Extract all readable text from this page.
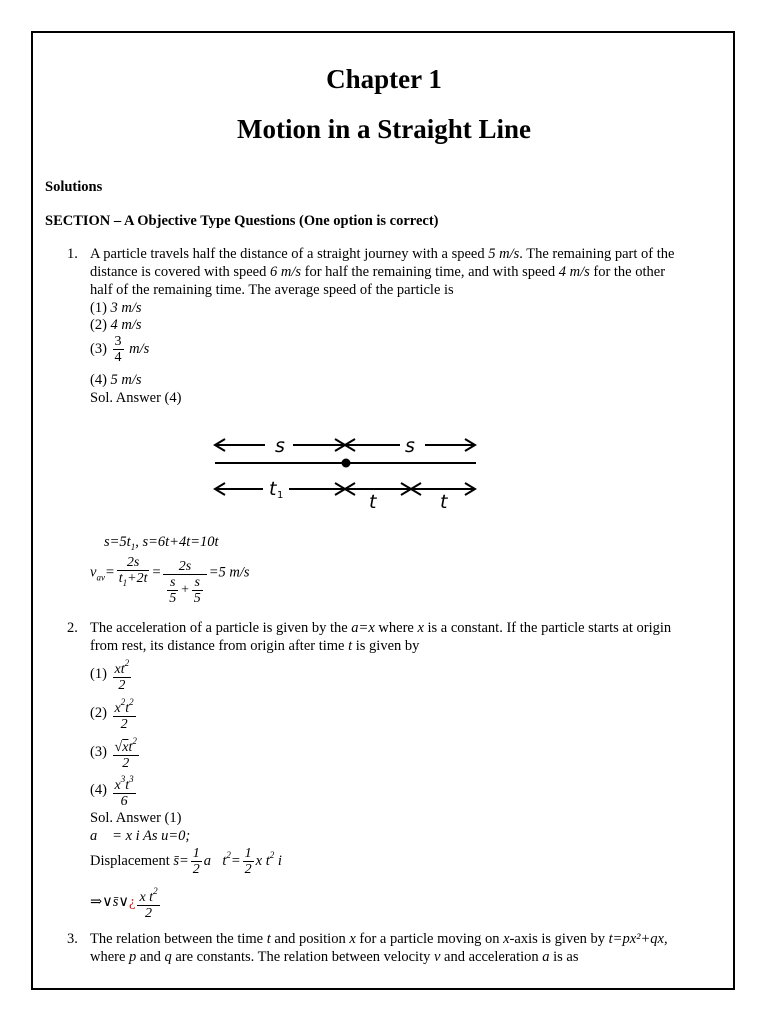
Chapter 1
Motion in a Straight Line
Solutions
SECTION – A Objective Type Questions (One option is correct)
1. A particle travels half the distance of a straight journey with a speed 5 m/s. The remaining part of the
distance is covered with speed 6 m/s for half the remaining time, and with speed 4 m/s for the other
half of the remaining time. The average speed of the particle is
(1) 3 m/s
(2) 4 m/s
$(3) \frac{3}{4} m/s$
(4) 5 m/s
Sol. Answer (4)
s	s
t 1	t	t
$s=5t_1$, s=6t+4t=10t
$v_{av}= \frac{2s}{t_1+2t} = \frac{2s}{\frac{s}{5} + \frac{s}{5}} =5$ m/s
2. The acceleration of a particle is given by the a=x where x is a constant. If the particle starts at origin
from rest, its distance from origin after time t is given by
$(1) \frac{xt^2}{2}$
$(2) \frac{x^2t^2}{2}$
$(3) \frac{√xt^2}{2}$
$(4) \frac{x^3t^3}{6}$
Sol. Answer (1)
a⃗ = x i As u=0;
Displacement s̄= $\frac{1}{2}$ $a⃗t^2= \frac{1}{2}$ x $t^2$ i
⇒∨s̄∨¿ $\frac{x t^2}{2}$
3. The relation between the time t and position x for a particle moving on x-axis is given by t=px²+qx,
where p and q are constants. The relation between velocity v and acceleration a is as
